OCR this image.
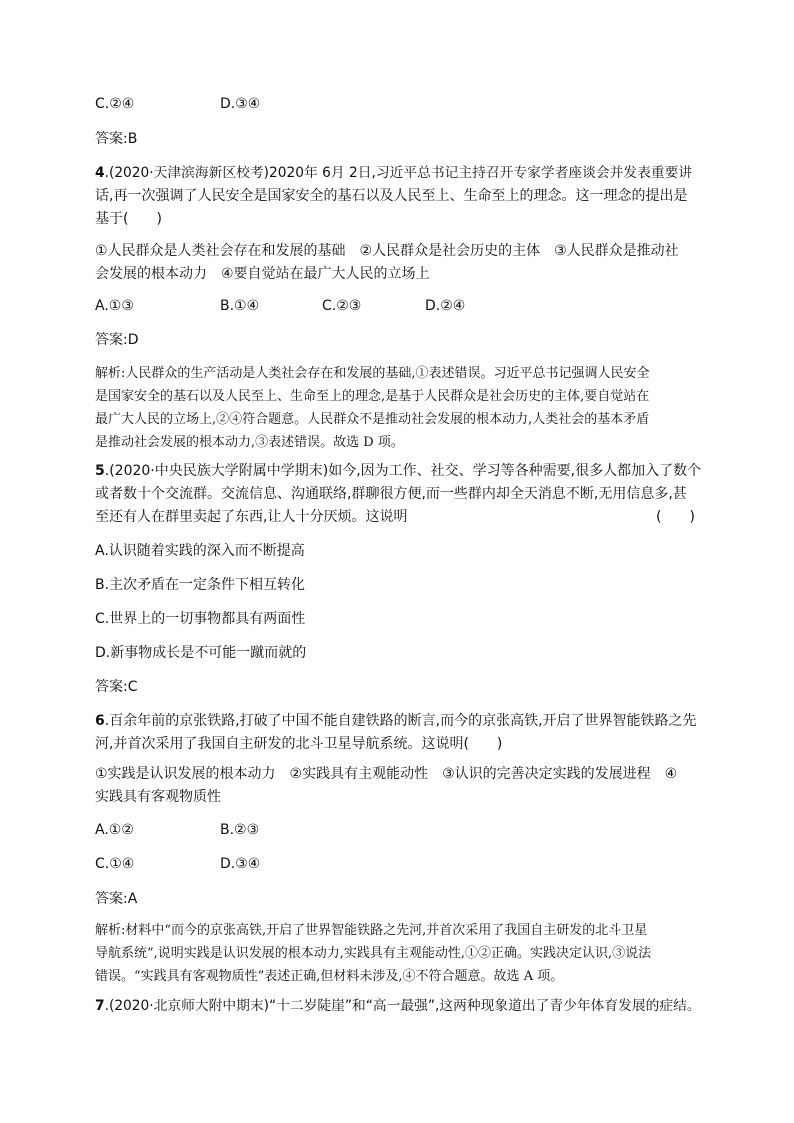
C.②④	D.③④
答案:B
4.(2020·天津滨海新区校考)2020年 6月 2日,习近平总书记主持召开专家学者座谈会并发表重要讲
话,再一次强调了人民安全是国家安全的基石以及人民至上、生命至上的理念。这一理念的提出是
基于(　　)
①人民群众是人类社会存在和发展的基础　②人民群众是社会历史的主体　③人民群众是推动社
会发展的根本动力　④要自觉站在最广大人民的立场上
A.①③	B.①④	C.②③	D.②④
答案:D
解析:人民群众的生产活动是人类社会存在和发展的基础,①表述错误。习近平总书记强调人民安全
是国家安全的基石以及人民至上、生命至上的理念,是基于人民群众是社会历史的主体,要自觉站在
最广大人民的立场上,②④符合题意。人民群众不是推动社会发展的根本动力,人类社会的基本矛盾
是推动社会发展的根本动力,③表述错误。故选 D 项。
5.(2020·中央民族大学附属中学期末)如今,因为工作、社交、学习等各种需要,很多人都加入了数个
或者数十个交流群。交流信息、沟通联络,群聊很方便,而一些群内却全天消息不断,无用信息多,甚
至还有人在群里卖起了东西,让人十分厌烦。这说明	(　　)
A.认识随着实践的深入而不断提高
B.主次矛盾在一定条件下相互转化
C.世界上的一切事物都具有两面性
D.新事物成长是不可能一蹴而就的
答案:C
6.百余年前的京张铁路,打破了中国不能自建铁路的断言,而今的京张高铁,开启了世界智能铁路之先
河,并首次采用了我国自主研发的北斗卫星导航系统。这说明(　　)
①实践是认识发展的根本动力　②实践具有主观能动性　③认识的完善决定实践的发展进程　④
实践具有客观物质性
A.①②	B.②③
C.①④	D.③④
答案:A
解析:材料中“而今的京张高铁,开启了世界智能铁路之先河,并首次采用了我国自主研发的北斗卫星
导航系统”,说明实践是认识发展的根本动力,实践具有主观能动性,①②正确。实践决定认识,③说法
错误。“实践具有客观物质性”表述正确,但材料未涉及,④不符合题意。故选 A 项。
7.(2020·北京师大附中期末)“十二岁陡崖”和“高一最强”,这两种现象道出了青少年体育发展的症结。
